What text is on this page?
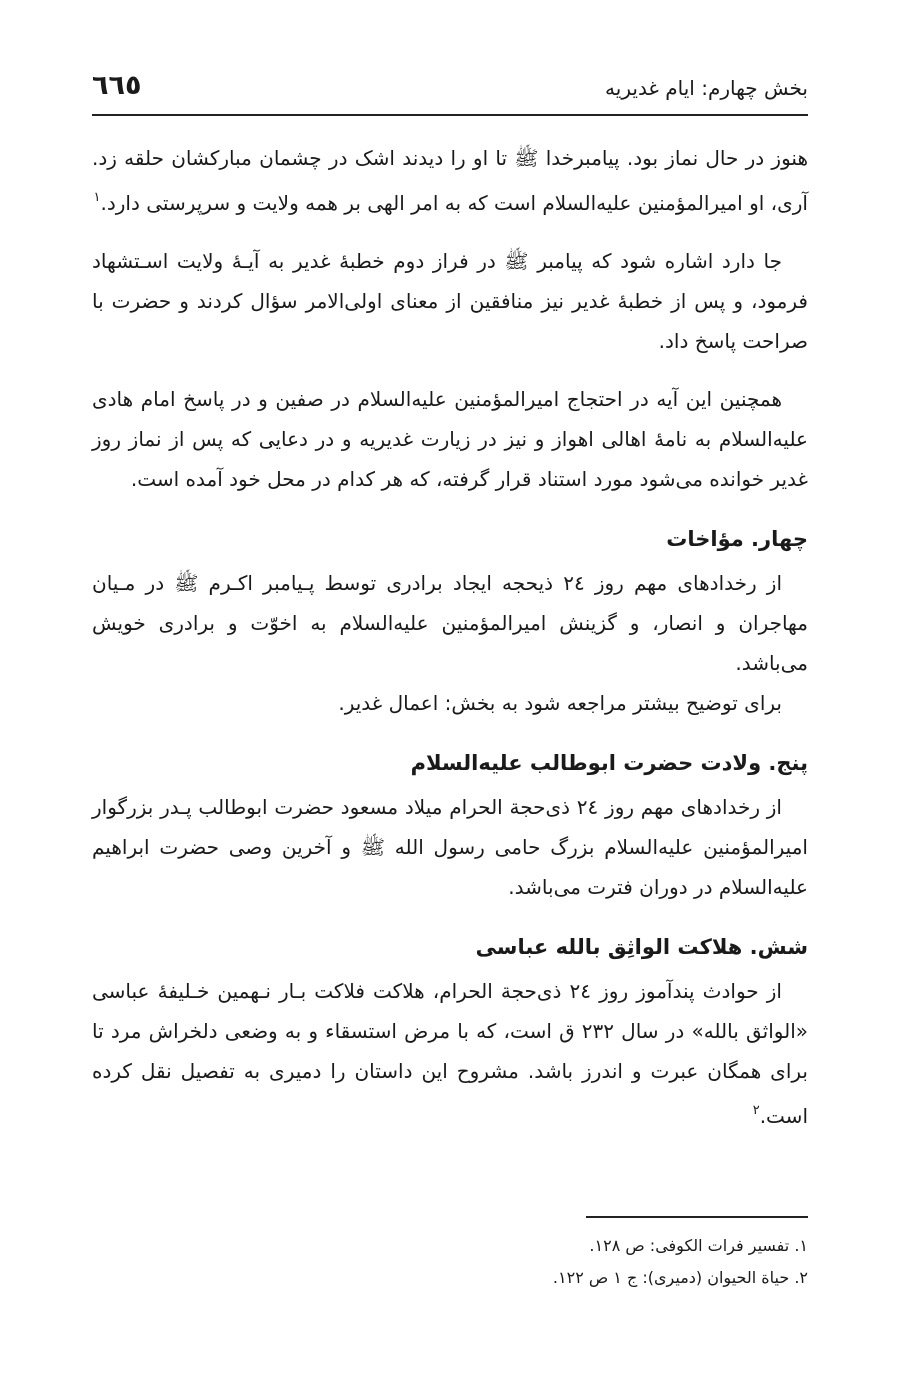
بخش چهارم: ایام غدیریه
٦٦٥

هنوز در حال نماز بود. پیامبرخدا ﷺ تا او را دیدند اشک در چشمان مبارکشان حلقه زد. آری، او امیرالمؤمنین علیه‌السلام است که به امر الهی بر همه ولایت و سرپرستی دارد.$^١$

جا دارد اشاره شود که پیامبر ﷺ در فراز دوم خطبهٔ غدیر به آیـهٔ ولایت اسـتشهاد فرمود، و پس از خطبهٔ غدیر نیز منافقین از معنای اولی‌الامر سؤال کردند و حضرت با صراحت پاسخ داد.

همچنین این آیه در احتجاج امیرالمؤمنین علیه‌السلام در صفین و در پاسخ امام هادی علیه‌السلام به نامهٔ اهالی اهواز و نیز در زیارت غدیریه و در دعایی که پس از نماز روز غدیر خوانده می‌شود مورد استناد قرار گرفته، که هر کدام در محل خود آمده است.

چهار. مؤاخات

از رخدادهای مهم روز ٢٤ ذیحجه ایجاد برادری توسط پـیامبر اکـرم ﷺ در مـیان مهاجران و انصار، و گزینش امیرالمؤمنین علیه‌السلام به اخوّت و برادری خویش می‌باشد.

برای توضیح بیشتر مراجعه شود به بخش: اعمال غدیر.

پنج. ولادت حضرت ابوطالب علیه‌السلام

از رخدادهای مهم روز ٢٤ ذی‌حجة الحرام میلاد مسعود حضرت ابوطالب پـدر بزرگوار امیرالمؤمنین علیه‌السلام بزرگ حامی رسول الله ﷺ و آخرین وصی حضرت ابراهیم علیه‌السلام در دوران فترت می‌باشد.

شش. هلاکت الواثِق بالله عباسی

از حوادث پندآموز روز ٢٤ ذی‌حجة الحرام، هلاکت فلاکت بـار نـهمین خـلیفهٔ عباسی «الواثق بالله» در سال ٢٣٢ ق است، که با مرض استسقاء و به وضعی دلخراش مرد تا برای همگان عبرت و اندرز باشد. مشروح این داستان را دمیری به تفصیل نقل کرده است.$^٢$

١. تفسیر فرات الکوفی: ص ١٢٨.
٢. حیاة الحیوان (دمیری): ج ١ ص ١٢٢.
